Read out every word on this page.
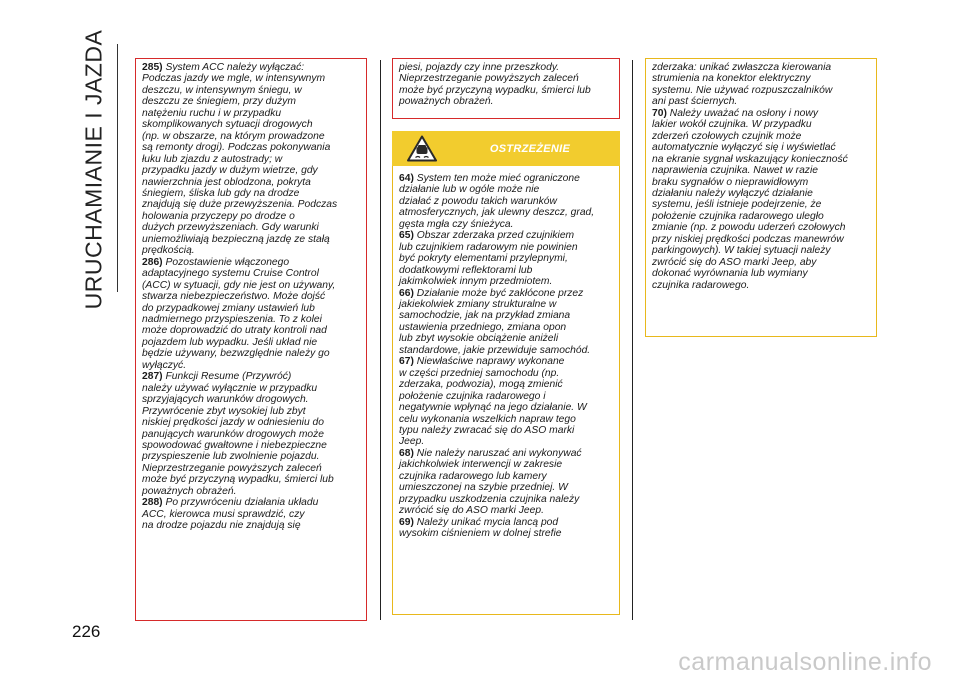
URUCHAMIANIE I JAZDA
226

285) System ACC należy wyłączać:
Podczas jazdy we mgle, w intensywnym
deszczu, w intensywnym śniegu, w
deszczu ze śniegiem, przy dużym
natężeniu ruchu i w przypadku
skomplikowanych sytuacji drogowych
(np. w obszarze, na którym prowadzone
są remonty drogi). Podczas pokonywania
łuku lub zjazdu z autostrady; w
przypadku jazdy w dużym wietrze, gdy
nawierzchnia jest oblodzona, pokryta
śniegiem, śliska lub gdy na drodze
znajdują się duże przewyższenia. Podczas
holowania przyczepy po drodze o
dużych przewyższeniach. Gdy warunki
uniemożliwiają bezpieczną jazdę ze stałą
prędkością.

286) Pozostawienie włączonego
adaptacyjnego systemu Cruise Control
(ACC) w sytuacji, gdy nie jest on używany,
stwarza niebezpieczeństwo. Może dojść
do przypadkowej zmiany ustawień lub
nadmiernego przyspieszenia. To z kolei
może doprowadzić do utraty kontroli nad
pojazdem lub wypadku. Jeśli układ nie
będzie używany, bezwzględnie należy go
wyłączyć.

287) Funkcji Resume (Przywróć)
należy używać wyłącznie w przypadku
sprzyjających warunków drogowych.
Przywrócenie zbyt wysokiej lub zbyt
niskiej prędkości jazdy w odniesieniu do
panujących warunków drogowych może
spowodować gwałtowne i niebezpieczne
przyspieszenie lub zwolnienie pojazdu.
Nieprzestrzeganie powyższych zaleceń
może być przyczyną wypadku, śmierci lub
poważnych obrażeń.

288) Po przywróceniu działania układu
ACC, kierowca musi sprawdzić, czy
na drodze pojazdu nie znajdują się

piesi, pojazdy czy inne przeszkody.
Nieprzestrzeganie powyższych zaleceń
może być przyczyną wypadku, śmierci lub
poważnych obrażeń.

OSTRZEŻENIE

64) System ten może mieć ograniczone
działanie lub w ogóle może nie
działać z powodu takich warunków
atmosferycznych, jak ulewny deszcz, grad,
gęsta mgła czy śnieżyca.

65) Obszar zderzaka przed czujnikiem
lub czujnikiem radarowym nie powinien
być pokryty elementami przylepnymi,
dodatkowymi reflektorami lub
jakimkolwiek innym przedmiotem.

66) Działanie może być zakłócone przez
jakiekolwiek zmiany strukturalne w
samochodzie, jak na przykład zmiana
ustawienia przedniego, zmiana opon
lub zbyt wysokie obciążenie aniżeli
standardowe, jakie przewiduje samochód.

67) Niewłaściwe naprawy wykonane
w części przedniej samochodu (np.
zderzaka, podwozia), mogą zmienić
położenie czujnika radarowego i
negatywnie wpłynąć na jego działanie. W
celu wykonania wszelkich napraw tego
typu należy zwracać się do ASO marki
Jeep.

68) Nie należy naruszać ani wykonywać
jakichkolwiek interwencji w zakresie
czujnika radarowego lub kamery
umieszczonej na szybie przedniej. W
przypadku uszkodzenia czujnika należy
zwrócić się do ASO marki Jeep.

69) Należy unikać mycia lancą pod
wysokim ciśnieniem w dolnej strefie

zderzaka: unikać zwłaszcza kierowania
strumienia na konektor elektryczny
systemu. Nie używać rozpuszczalników
ani past ściernych.

70) Należy uważać na osłony i nowy
lakier wokół czujnika. W przypadku
zderzeń czołowych czujnik może
automatycznie wyłączyć się i wyświetlać
na ekranie sygnał wskazujący konieczność
naprawienia czujnika. Nawet w razie
braku sygnałów o nieprawidłowym
działaniu należy wyłączyć działanie
systemu, jeśli istnieje podejrzenie, że
położenie czujnika radarowego uległo
zmianie (np. z powodu uderzeń czołowych
przy niskiej prędkości podczas manewrów
parkingowych). W takiej sytuacji należy
zwrócić się do ASO marki Jeep, aby
dokonać wyrównania lub wymiany
czujnika radarowego.

carmanualsonline.info
